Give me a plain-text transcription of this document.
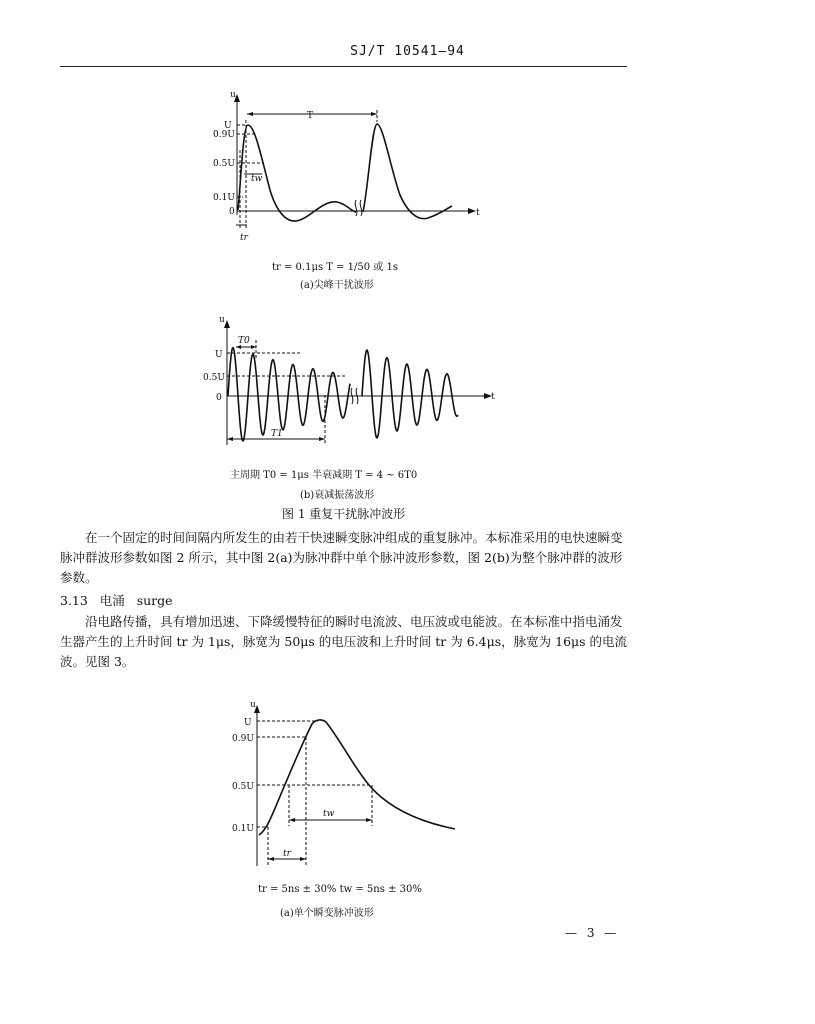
SJ/T 10541—94
u
t
U
0.9U
0.5U
0.1U
0
T
tw
tr
u
t
U
0.5U
0
T0
T1
u
U
0.9U
0.5U
0.1U
tw
tr
tr = 0.1μs T = 1/50 或 1s
(a)尖峰干扰波形
主周期 T0 = 1μs 半衰减期 T = 4 ~ 6T0
(b)衰减振荡波形
图 1 重复干扰脉冲波形

在一个固定的时间间隔内所发生的由若干快速瞬变脉冲组成的重复脉冲。本标准采用的电快速瞬变脉冲群波形参数如图 2 所示，其中图 2(a)为脉冲群中单个脉冲波形参数，图 2(b)为整个脉冲群的波形参数。

3.13 电涌 surge

沿电路传播，具有增加迅速、下降缓慢特征的瞬时电流波、电压波或电能波。在本标准中指电涌发生器产生的上升时间 tr 为 1μs，脉宽为 50μs 的电压波和上升时间 tr 为 6.4μs，脉宽为 16μs 的电流波。见图 3。

tr = 5ns ± 30% tw = 5ns ± 30%
(a)单个瞬变脉冲波形
— 3 —
